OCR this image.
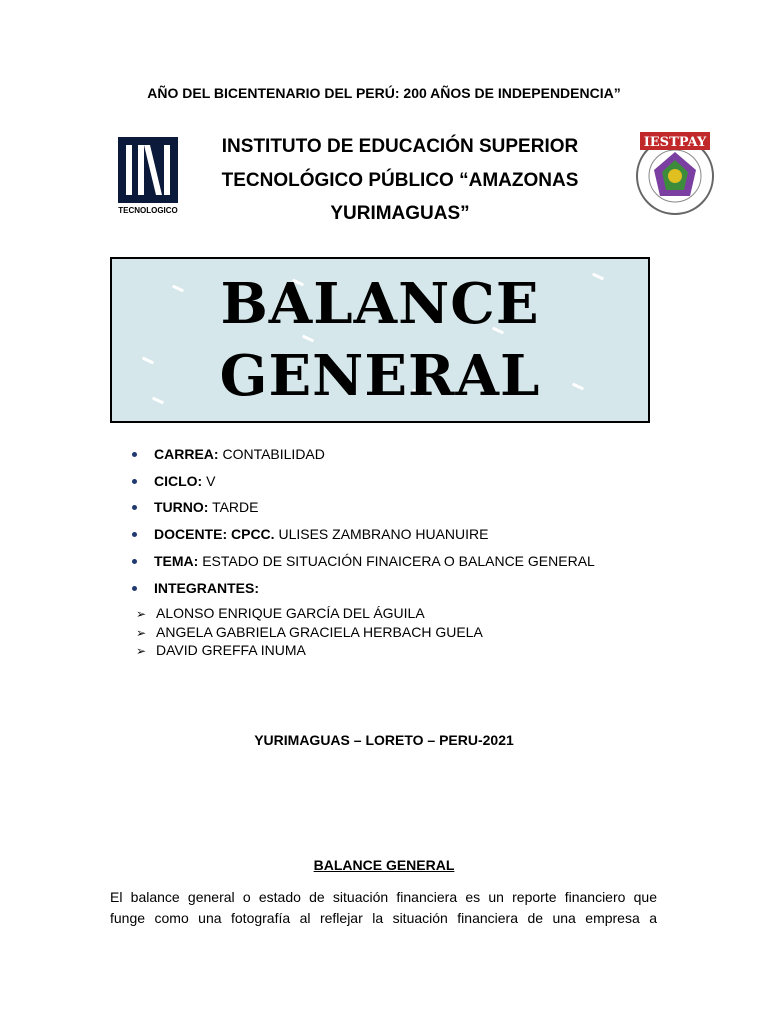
AÑO DEL BICENTENARIO DEL PERÚ: 200 AÑOS DE INDEPENDENCIA”
TECNOLOGICO
INSTITUTO DE EDUCACIÓN SUPERIOR
TECNOLÓGICO PÚBLICO “AMAZONAS
YURIMAGUAS”
IESTPAY
BALANCE
GENERAL
CARREA: CONTABILIDAD
CICLO: V
TURNO: TARDE
DOCENTE: CPCC. ULISES ZAMBRANO HUANUIRE
TEMA: ESTADO DE SITUACIÓN FINAICERA O BALANCE GENERAL
INTEGRANTES:
➢ ALONSO ENRIQUE GARCÍA DEL ÁGUILA
➢ ANGELA GABRIELA GRACIELA HERBACH GUELA
➢ DAVID GREFFA INUMA
YURIMAGUAS – LORETO – PERU-2021
BALANCE GENERAL
El balance general o estado de situación financiera es un reporte financiero que
funge como una fotografía al reflejar la situación financiera de una empresa a
